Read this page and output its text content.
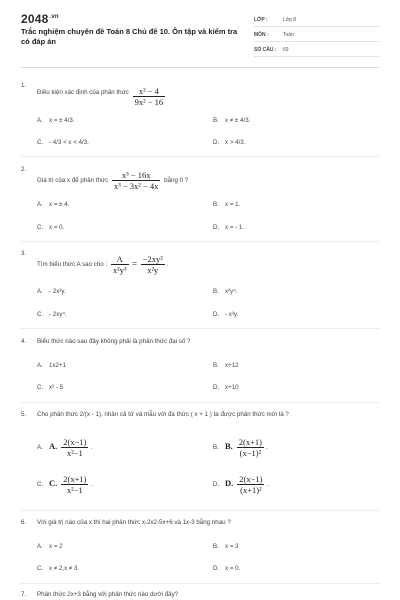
$2048^{.vn}$
Trắc nghiệm chuyên đề Toán 8 Chủ đề 10. Ôn tập và kiểm tra có đáp án
LỚP :	Lớp 8
MÔN :	Toán
SỐ CÂU : 69
1.
Điều kiện xác định của phân thức $\frac{\text{x² − 4}}{\text{9x² − 16}}$
A. x = ± 4/3.	B. x ≠ ± 4/3.
C. - 4/3 < x < 4/3.	D. x > 4/3.
2.
Giá trị của x để phân thức $\frac{\text{x³ − 16x}}{\text{x³ − 3x² − 4x}}$ bằng 0 ?
A. x = ± 4.	B. x = 1.
C. x = 0.	D. x = - 1.
3.
Tìm biểu thức A sao cho : $\frac{A}{\text{x²y³}} = \frac{\text{−2xy²}}{\text{x²y}}$ .
A. - 2x²y.	B. x²y⁴.
C. - 2xy⁴.	D. - x³y.
4. Biểu thức nào sau đây không phải là phân thức đại số ?
A. 1x2+1	B. x+12
C. x² - 5	D. x+10
5. Cho phân thức 2/(x - 1), nhân cả tử và mẫu với đa thức ( x + 1 ) ta được phân thức mới là ?
A. A. $\frac{2(x-1)}{\text{x²−1}}$ .	B. B. $\frac{2(x+1)}{\text{(x−1)²}}$ .
C. C. $\frac{2(x+1)}{\text{x²−1}}$ .	D. D. $\frac{2(x-1)}{\text{(x+1)²}}$ .
6. Với giá trị nào của x thì hai phân thức x-2x2-5x+6 và 1x-3 bằng nhau ?
A. x = 2	B. x = 3
C. x ≠ 2,x ≠ 3.	D. x = 0.
7. Phân thức 2x+3 bằng với phân thức nào dưới đây?
